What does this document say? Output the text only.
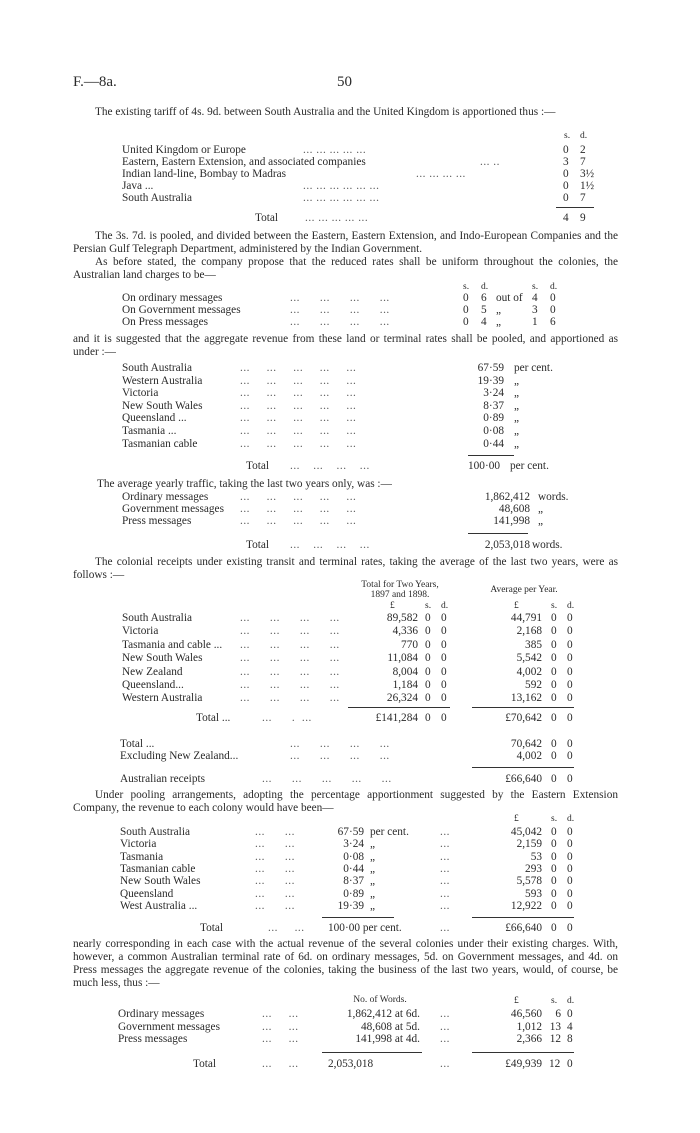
F.—8a.	50
The existing tariff of 4s. 9d. between South Australia and the United Kingdom is apportioned thus :—
s. d.
United Kingdom or Europe	... ... ... ... ...	0 2
Eastern, Eastern Extension, and associated companies	... ..	3 7
Indian land-line, Bombay to Madras	... ... ... ...	0 3½
Java ...	... ... ... ... ... ...	0 1½
South Australia	... ... ... ... ... ...	0 7
Total ... ... ... ... ...	4 9
The 3s. 7d. is pooled, and divided between the Eastern, Eastern Extension, and Indo-European Companies and the Persian Gulf Telegraph Department, administered by the Indian Government.
As before stated, the company propose that the reduced rates shall be uniform throughout the colonies, the Australian land charges to be—
s. d.	s. d.
On ordinary messages	...      ...      ...      ...	0 6 out of 4 0
On Government messages	...      ...      ...      ...	0 5 „	3 0
On Press messages	...      ...      ...      ...	0 4 „	1 6
and it is suggested that the aggregate revenue from these land or terminal rates shall be pooled, and apportioned as under :—
South Australia	...     ...     ...     ...     ...	67·59 per cent.
Western Australia	...     ...     ...     ...     ...	19·39 „
Victoria	...     ...     ...     ...     ...	3·24 „
New South Wales	...     ...     ...     ...     ...	8·37 „
Queensland ...	...     ...     ...     ...     ...	0·89 „
Tasmania ...	...     ...     ...     ...     ...	0·08 „
Tasmanian cable	...     ...     ...     ...     ...	0·44 „
Total ...    ...    ...    ...	100·00 per cent.
The average yearly traffic, taking the last two years only, was :—
Ordinary messages	...     ...     ...     ...     ...	1,862,412 words.
Government messages ...     ...     ...     ...     ...	48,608 „
Press messages	...     ...     ...     ...     ...	141,998 „
Total ...    ...    ...    ...	2,053,018 words.
The colonial receipts under existing transit and terminal rates, taking the average of the last two years, were as follows :—
Total for Two Years,
1897 and 1898.	Average per Year.
£	£
s.	s.
d.	d.
South Australia	...      ...      ...      ...	89,582 0 0	44,791 0 0
Victoria	...      ...      ...      ...	4,336 0 0	2,168 0 0
Tasmania and cable ... ...      ...      ...      ...	770 0 0	385 0 0
New South Wales	...      ...      ...      ...	11,084 0 0	5,542 0 0
New Zealand	...      ...      ...      ...	8,004 0 0	4,002 0 0
Queensland...	...      ...      ...      ...	1,184 0 0	592 0 0
Western Australia	...      ...      ...      ...	26,324 0 0	13,162 0 0
Total ...	...      .  ...	£141,284 0 0	£70,642 0 0
Total ...	...      ...      ...      ...	70,642 0 0
Excluding New Zealand...	...      ...      ...      ...	4,002 0 0
Australian receipts	...      ...      ...      ...      ...	£66,640 0 0
Under pooling arrangements, adopting the percentage apportionment suggested by the Eastern Extension Company, the revenue to each colony would have been—
£	s. d.
South Australia	...      ...	67·59 per cent.	...	45,042 0 0
Victoria	...      ...	3·24 „	...	2,159 0 0
Tasmania	...      ...	0·08 „	...	53 0 0
Tasmanian cable	...      ...	0·44 „	...	293 0 0
New South Wales	...      ...	8·37 „	...	5,578 0 0
Queensland	...      ...	0·89 „	...	593 0 0
West Australia ...	...      ...	19·39 „	...	12,922 0 0
Total	...     ... 100·00 per cent.	...	£66,640 0 0
nearly corresponding in each case with the actual revenue of the several colonies under their existing charges. With, however, a common Australian terminal rate of 6d. on ordinary messages, 5d. on Government messages, and 4d. on Press messages the aggregate revenue of the colonies, taking the business of the last two years, would, of course, be much less, thus :—
No. of Words.	£	s. d.
Ordinary messages	...     ...	1,862,412 at 6d. ...	46,560	6 0
Government messages	...     ...	48,608 at 5d. ...	1,012 13 4
Press messages	...     ...	141,998 at 4d. ...	2,366 12 8
Total	...     ...	2,053,018	...	£49,939 12 0
